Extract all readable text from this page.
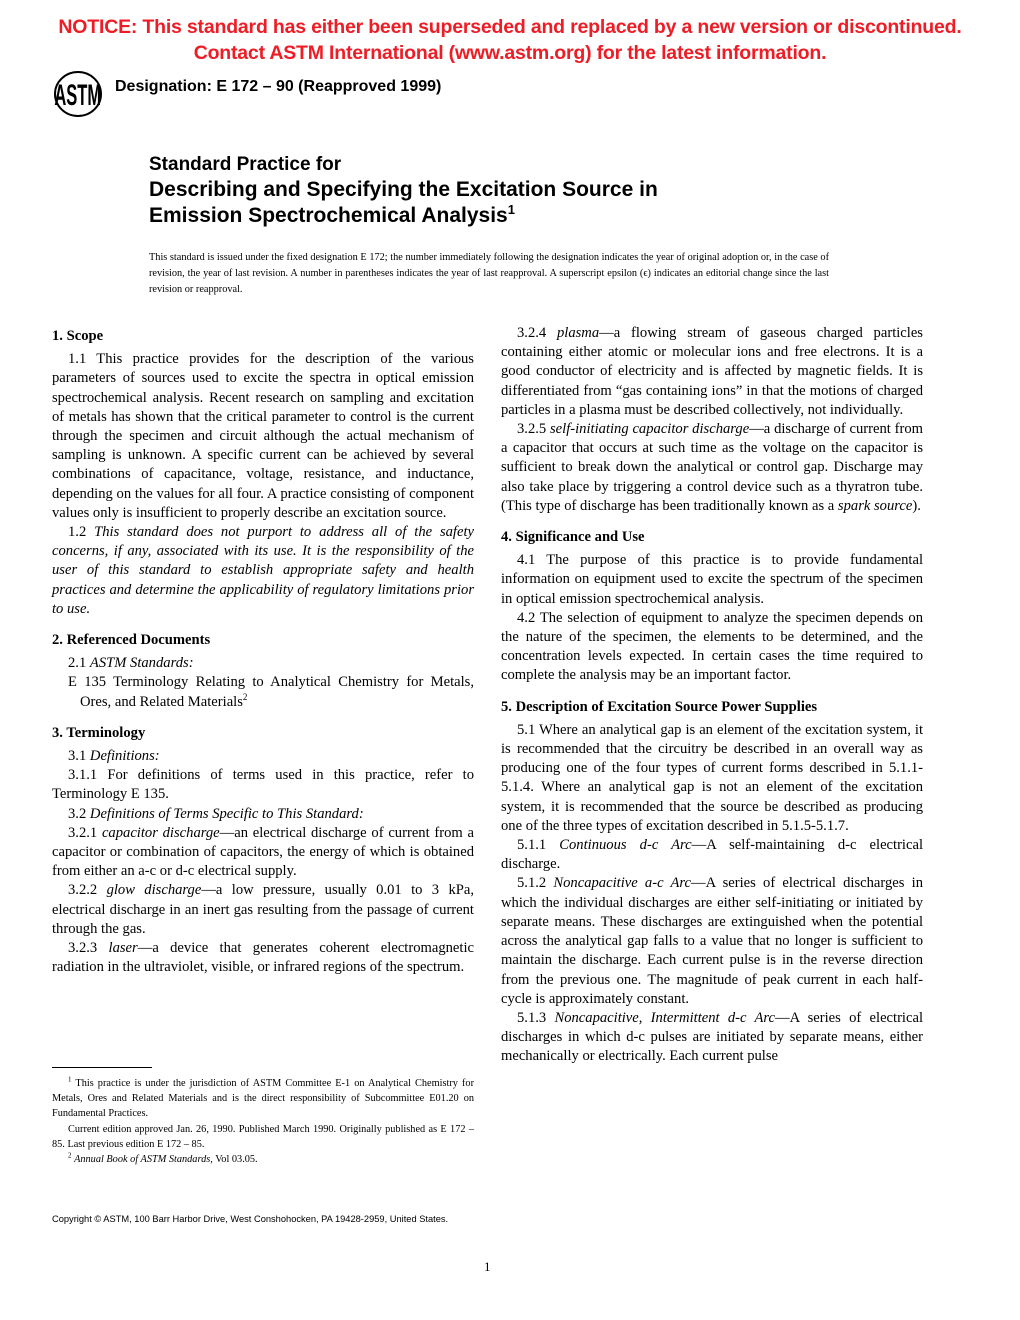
NOTICE: This standard has either been superseded and replaced by a new version or discontinued.
Contact ASTM International (www.astm.org) for the latest information.
ASTM Designation: E 172 – 90 (Reapproved 1999)
Standard Practice for
Describing and Specifying the Excitation Source in
Emission Spectrochemical Analysis$^1$
This standard is issued under the fixed designation E 172; the number immediately following the designation indicates the year of original adoption or, in the case of revision, the year of last revision. A number in parentheses indicates the year of last reapproval. A superscript epsilon (ϵ) indicates an editorial change since the last revision or reapproval.
1. Scope

1.1 This practice provides for the description of the various parameters of sources used to excite the spectra in optical emission spectrochemical analysis. Recent research on sampling and excitation of metals has shown that the critical parameter to control is the current through the specimen and circuit although the actual mechanism of sampling is unknown. A specific current can be achieved by several combinations of capacitance, voltage, resistance, and inductance, depending on the values for all four. A practice consisting of component values only is insufficient to properly describe an excitation source.

1.2 This standard does not purport to address all of the safety concerns, if any, associated with its use. It is the responsibility of the user of this standard to establish appropriate safety and health practices and determine the applicability of regulatory limitations prior to use.

2. Referenced Documents

2.1 ASTM Standards:

E 135 Terminology Relating to Analytical Chemistry for Metals, Ores, and Related Materials$^2$

3. Terminology

3.1 Definitions:

3.1.1 For definitions of terms used in this practice, refer to Terminology E 135.

3.2 Definitions of Terms Specific to This Standard:

3.2.1 capacitor discharge—an electrical discharge of current from a capacitor or combination of capacitors, the energy of which is obtained from either an a-c or d-c electrical supply.

3.2.2 glow discharge—a low pressure, usually 0.01 to 3 kPa, electrical discharge in an inert gas resulting from the passage of current through the gas.

3.2.3 laser—a device that generates coherent electromagnetic radiation in the ultraviolet, visible, or infrared regions of the spectrum.

3.2.4 plasma—a flowing stream of gaseous charged particles containing either atomic or molecular ions and free electrons. It is a good conductor of electricity and is affected by magnetic fields. It is differentiated from “gas containing ions” in that the motions of charged particles in a plasma must be described collectively, not individually.

3.2.5 self-initiating capacitor discharge—a discharge of current from a capacitor that occurs at such time as the voltage on the capacitor is sufficient to break down the analytical or control gap. Discharge may also take place by triggering a control device such as a thyratron tube. (This type of discharge has been traditionally known as a spark source).

4. Significance and Use

4.1 The purpose of this practice is to provide fundamental information on equipment used to excite the spectrum of the specimen in optical emission spectrochemical analysis.

4.2 The selection of equipment to analyze the specimen depends on the nature of the specimen, the elements to be determined, and the concentration levels expected. In certain cases the time required to complete the analysis may be an important factor.

5. Description of Excitation Source Power Supplies

5.1 Where an analytical gap is an element of the excitation system, it is recommended that the circuitry be described in an overall way as producing one of the four types of current forms described in 5.1.1-5.1.4. Where an analytical gap is not an element of the excitation system, it is recommended that the source be described as producing one of the three types of excitation described in 5.1.5-5.1.7.

5.1.1 Continuous d-c Arc—A self-maintaining d-c electrical discharge.

5.1.2 Noncapacitive a-c Arc—A series of electrical discharges in which the individual discharges are either self-initiating or initiated by separate means. These discharges are extinguished when the potential across the analytical gap falls to a value that no longer is sufficient to maintain the discharge. Each current pulse is in the reverse direction from the previous one. The magnitude of peak current in each half-cycle is approximately constant.

5.1.3 Noncapacitive, Intermittent d-c Arc—A series of electrical discharges in which d-c pulses are initiated by separate means, either mechanically or electrically. Each current pulse

$^1$ This practice is under the jurisdiction of ASTM Committee E-1 on Analytical Chemistry for Metals, Ores and Related Materials and is the direct responsibility of Subcommittee E01.20 on Fundamental Practices.

Current edition approved Jan. 26, 1990. Published March 1990. Originally published as E 172 – 85. Last previous edition E 172 – 85.

$^2$ Annual Book of ASTM Standards, Vol 03.05.

Copyright © ASTM, 100 Barr Harbor Drive, West Conshohocken, PA 19428-2959, United States.
1
